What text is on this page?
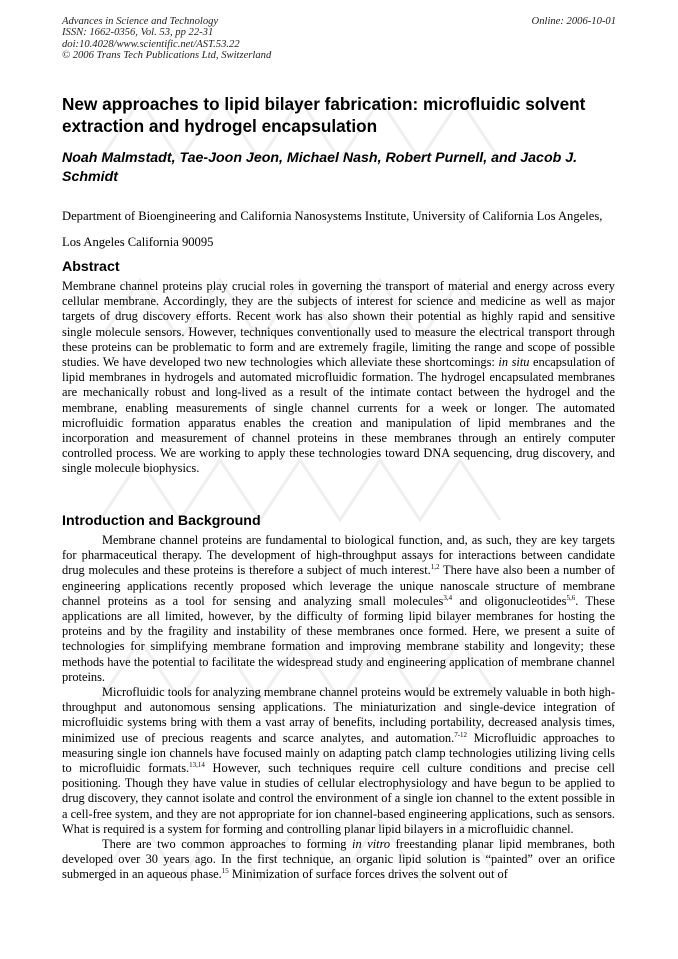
Advances in Science and Technology
ISSN: 1662-0356, Vol. 53, pp 22-31
doi:10.4028/www.scientific.net/AST.53.22
© 2006 Trans Tech Publications Ltd, Switzerland
Online: 2006-10-01
New approaches to lipid bilayer fabrication: microfluidic solvent extraction and hydrogel encapsulation
Noah Malmstadt, Tae-Joon Jeon, Michael Nash, Robert Purnell, and Jacob J. Schmidt
Department of Bioengineering and California Nanosystems Institute, University of California Los Angeles, Los Angeles California 90095
Abstract

Membrane channel proteins play crucial roles in governing the transport of material and energy across every cellular membrane. Accordingly, they are the subjects of interest for science and medicine as well as major targets of drug discovery efforts. Recent work has also shown their potential as highly rapid and sensitive single molecule sensors. However, techniques conventionally used to measure the electrical transport through these proteins can be problematic to form and are extremely fragile, limiting the range and scope of possible studies. We have developed two new technologies which alleviate these shortcomings: in situ encapsulation of lipid membranes in hydrogels and automated microfluidic formation. The hydrogel encapsulated membranes are mechanically robust and long-lived as a result of the intimate contact between the hydrogel and the membrane, enabling measurements of single channel currents for a week or longer. The automated microfluidic formation apparatus enables the creation and manipulation of lipid membranes and the incorporation and measurement of channel proteins in these membranes through an entirely computer controlled process. We are working to apply these technologies toward DNA sequencing, drug discovery, and single molecule biophysics.

Introduction and Background

Membrane channel proteins are fundamental to biological function, and, as such, they are key targets for pharmaceutical therapy. The development of high-throughput assays for interactions between candidate drug molecules and these proteins is therefore a subject of much interest.$^{1,2}$ There have also been a number of engineering applications recently proposed which leverage the unique nanoscale structure of membrane channel proteins as a tool for sensing and analyzing small molecules$^{3,4}$ and oligonucleotides$^{5,6}$. These applications are all limited, however, by the difficulty of forming lipid bilayer membranes for hosting the proteins and by the fragility and instability of these membranes once formed. Here, we present a suite of technologies for simplifying membrane formation and improving membrane stability and longevity; these methods have the potential to facilitate the widespread study and engineering application of membrane channel proteins.

Microfluidic tools for analyzing membrane channel proteins would be extremely valuable in both high-throughput and autonomous sensing applications. The miniaturization and single-device integration of microfluidic systems bring with them a vast array of benefits, including portability, decreased analysis times, minimized use of precious reagents and scarce analytes, and automation.$^{7-12}$ Microfluidic approaches to measuring single ion channels have focused mainly on adapting patch clamp technologies utilizing living cells to microfluidic formats.$^{13,14}$ However, such techniques require cell culture conditions and precise cell positioning. Though they have value in studies of cellular electrophysiology and have begun to be applied to drug discovery, they cannot isolate and control the environment of a single ion channel to the extent possible in a cell-free system, and they are not appropriate for ion channel-based engineering applications, such as sensors. What is required is a system for forming and controlling planar lipid bilayers in a microfluidic channel.

There are two common approaches to forming in vitro freestanding planar lipid membranes, both developed over 30 years ago. In the first technique, an organic lipid solution is “painted” over an orifice submerged in an aqueous phase.$^{15}$ Minimization of surface forces drives the solvent out of
